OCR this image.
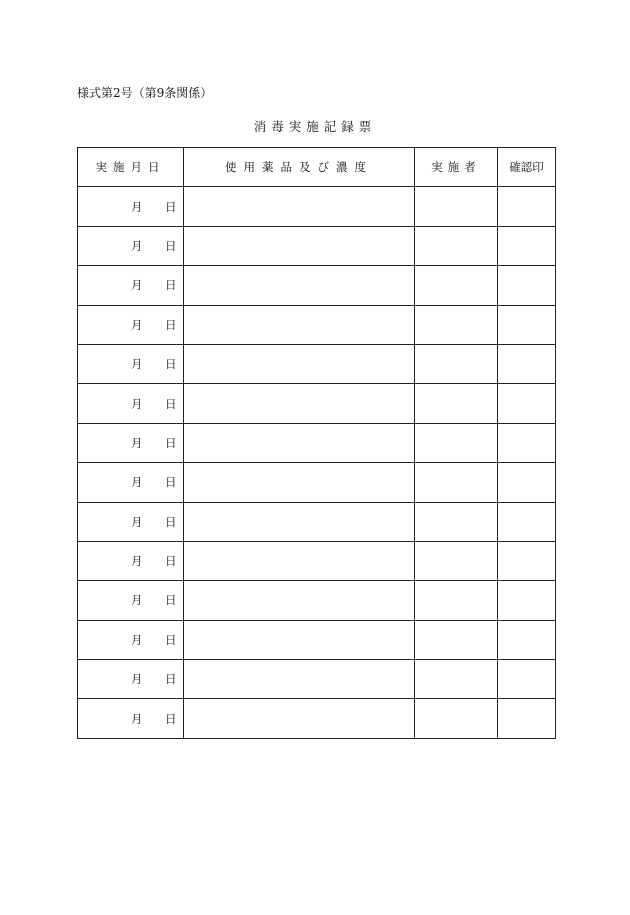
様式第2号（第9条関係）
消毒実施記録票
実施月日	使用薬品及び濃度	実施者	確認印

月 日			

月 日			

月 日			

月 日			

月 日			

月 日			

月 日			

月 日			

月 日			

月 日			

月 日			

月 日			

月 日			

月 日			
